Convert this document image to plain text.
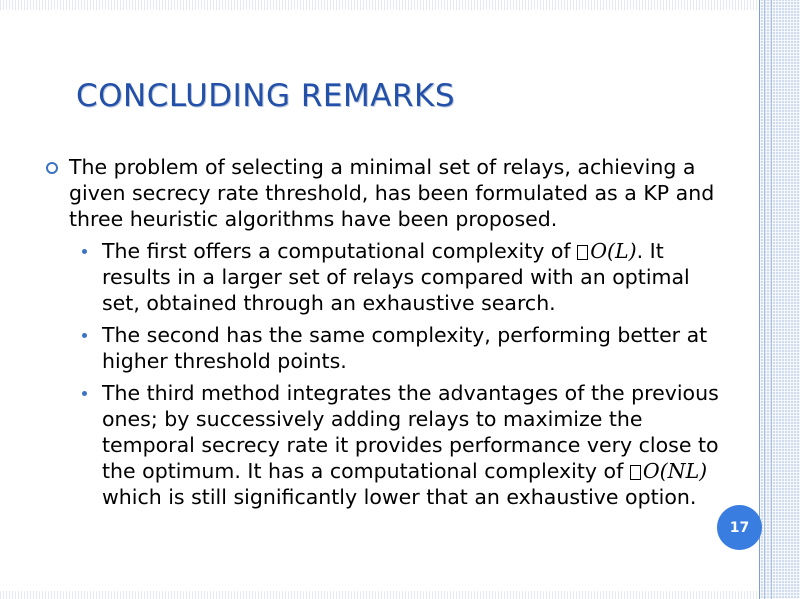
CONCLUDING REMARKS
The problem of selecting a minimal set of relays, achieving a given secrecy rate threshold, has been formulated as a KP and three heuristic algorithms have been proposed.
The first offers a computational complexity of O(L). It results in a larger set of relays compared with an optimal set, obtained through an exhaustive search.
The second has the same complexity, performing better at higher threshold points.
The third method integrates the advantages of the previous ones; by successively adding relays to maximize the temporal secrecy rate it provides performance very close to the optimum. It has a computational complexity of O(NL) which is still significantly lower that an exhaustive option.
17
